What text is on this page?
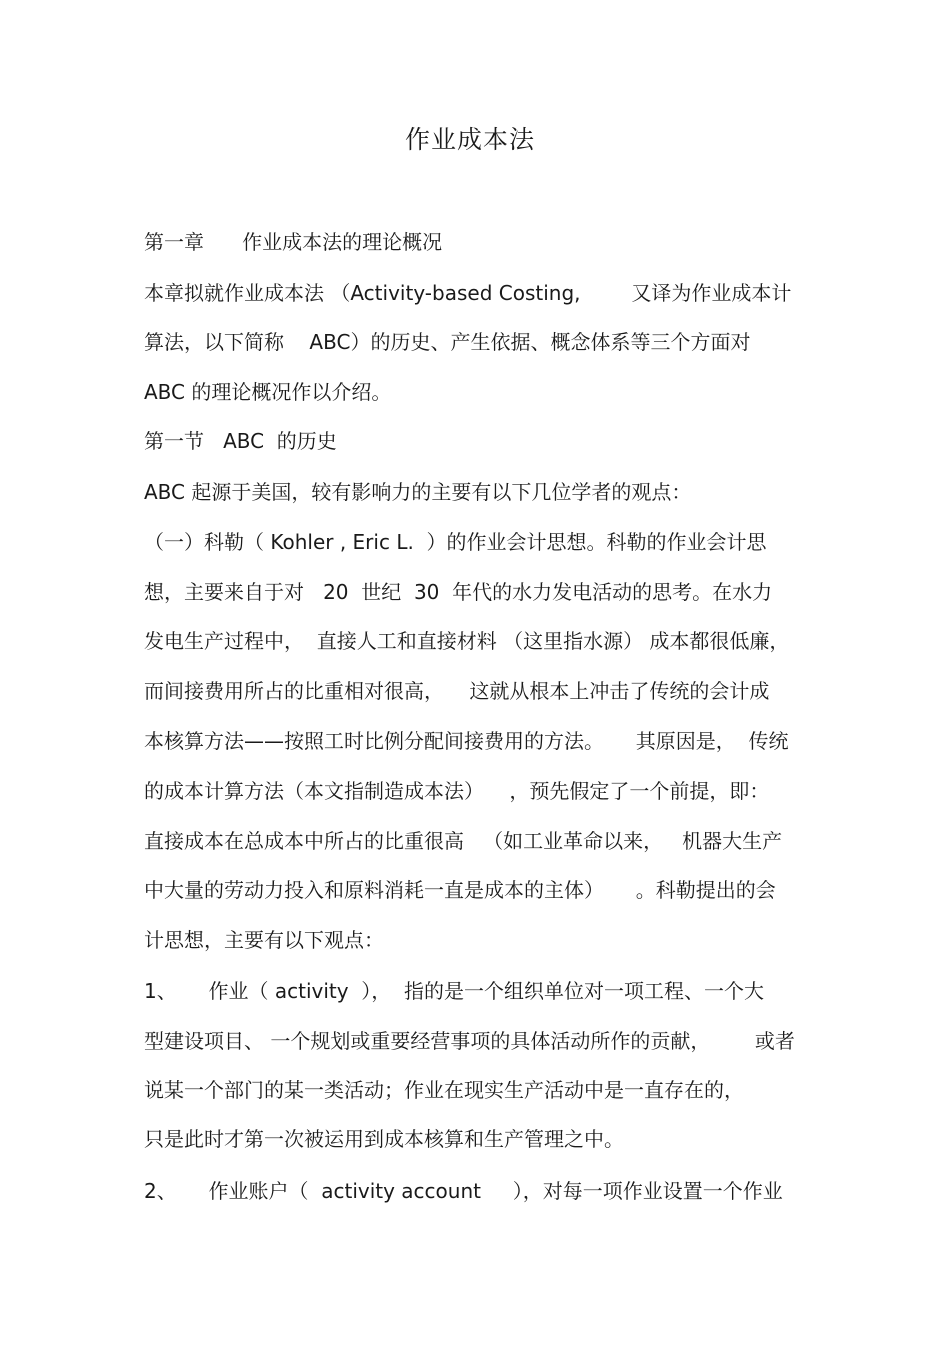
作业成本法
第一章      作业成本法的理论概况
本章拟就作业成本法 （Activity-based Costing,        又译为作业成本计
算法，以下简称    ABC）的历史、产生依据、概念体系等三个方面对
ABC 的理论概况作以介绍。
第一节   ABC  的历史
ABC 起源于美国，较有影响力的主要有以下几位学者的观点：
（一）科勒（ Kohler , Eric L.  ）的作业会计思想。科勒的作业会计思
想，主要来自于对   20  世纪  30  年代的水力发电活动的思考。在水力
发电生产过程中，  直接人工和直接材料 （这里指水源） 成本都很低廉，
而间接费用所占的比重相对很高，    这就从根本上冲击了传统的会计成
本核算方法——按照工时比例分配间接费用的方法。     其原因是，  传统
的成本计算方法（本文指制造成本法）    ，预先假定了一个前提，即：
直接成本在总成本中所占的比重很高   （如工业革命以来，   机器大生产
中大量的劳动力投入和原料消耗一直是成本的主体）     。科勒提出的会
计思想，主要有以下观点：
1、     作业（ activity  ），  指的是一个组织单位对一项工程、一个大
型建设项目、 一个规划或重要经营事项的具体活动所作的贡献，       或者
说某一个部门的某一类活动；作业在现实生产活动中是一直存在的，
只是此时才第一次被运用到成本核算和生产管理之中。
2、     作业账户（  activity account     ），对每一项作业设置一个作业
